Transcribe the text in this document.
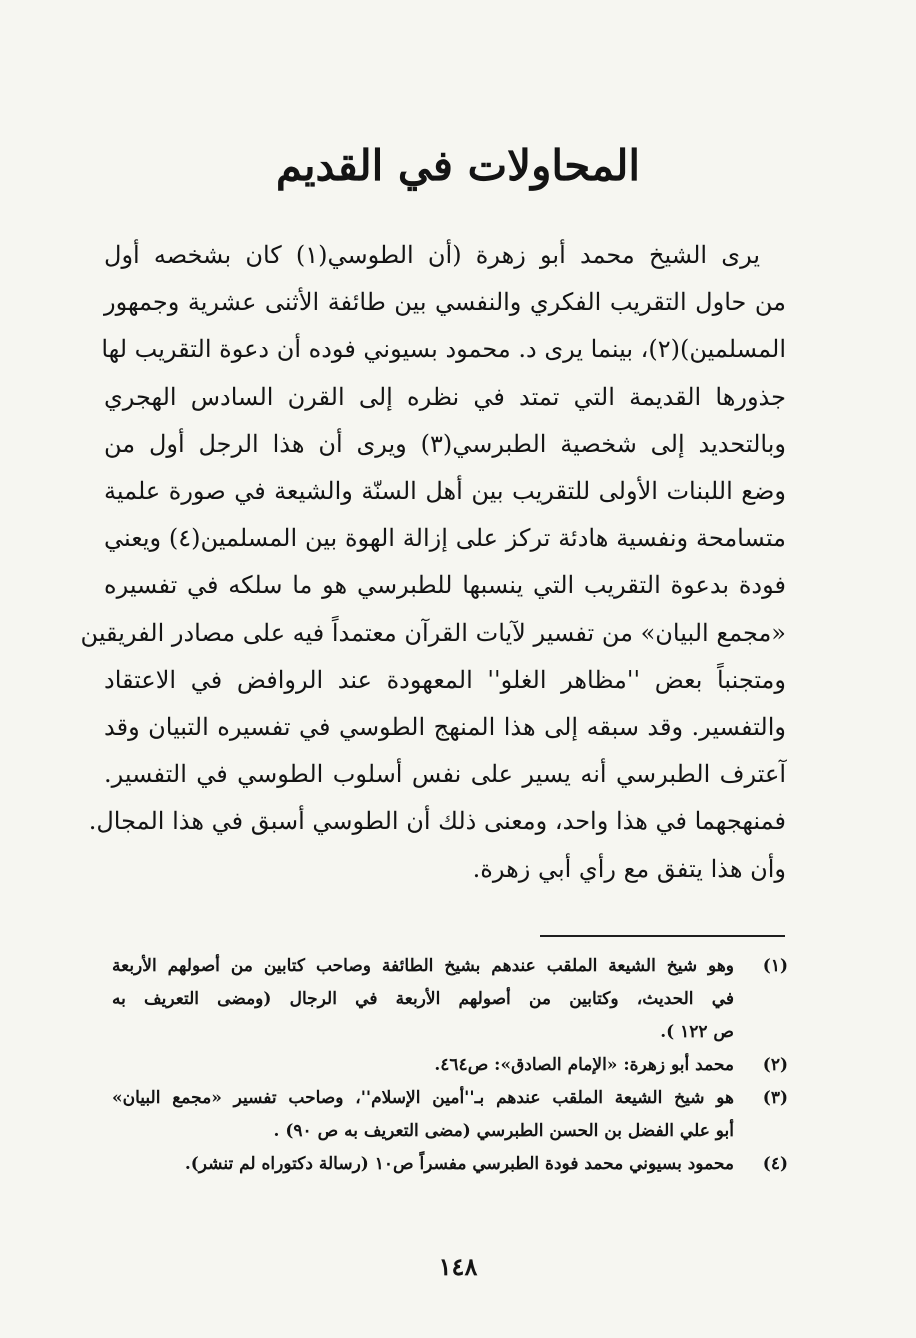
المحاولات في القديم
يرى الشيخ محمد أبو زهرة (أن الطوسي(١) كان بشخصه أول
من حاول التقريب الفكري والنفسي بين طائفة الأثنى عشرية وجمهور
المسلمين)(٢)، بينما يرى د. محمود بسيوني فوده أن دعوة التقريب لها
جذورها القديمة التي تمتد في نظره إلى القرن السادس الهجري
وبالتحديد إلى شخصية الطبرسي(٣) ويرى أن هذا الرجل أول من
وضع اللبنات الأولى للتقريب بين أهل السنّة والشيعة في صورة علمية
متسامحة ونفسية هادئة تركز على إزالة الهوة بين المسلمين(٤) ويعني
فودة بدعوة التقريب التي ينسبها للطبرسي هو ما سلكه في تفسيره
«مجمع البيان» من تفسير لآيات القرآن معتمداً فيه على مصادر الفريقين
ومتجنباً بعض ''مظاهر الغلو'' المعهودة عند الروافض في الاعتقاد
والتفسير. وقد سبقه إلى هذا المنهج الطوسي في تفسيره التبيان وقد
آعترف الطبرسي أنه يسير على نفس أسلوب الطوسي في التفسير.
فمنهجهما في هذا واحد، ومعنى ذلك أن الطوسي أسبق في هذا المجال.
وأن هذا يتفق مع رأي أبي زهرة.
(١)
وهو شيخ الشيعة الملقب عندهم بشيخ الطائفة وصاحب كتابين من أصولهم الأربعة
في الحديث، وكتابين من أصولهم الأربعة في الرجال (ومضى التعريف به
ص ١٢٢ ).
(٢)
محمد أبو زهرة: «الإمام الصادق»: ص٤٦٤.
(٣)
هو شيخ الشيعة الملقب عندهم بـ''أمين الإسلام''، وصاحب تفسير «مجمع البيان»
أبو علي الفضل بن الحسن الطبرسي (مضى التعريف به ص ٩٠) .
(٤)
محمود بسيوني محمد فودة الطبرسي مفسراً ص١٠ (رسالة دكتوراه لم تنشر).
١٤٨
